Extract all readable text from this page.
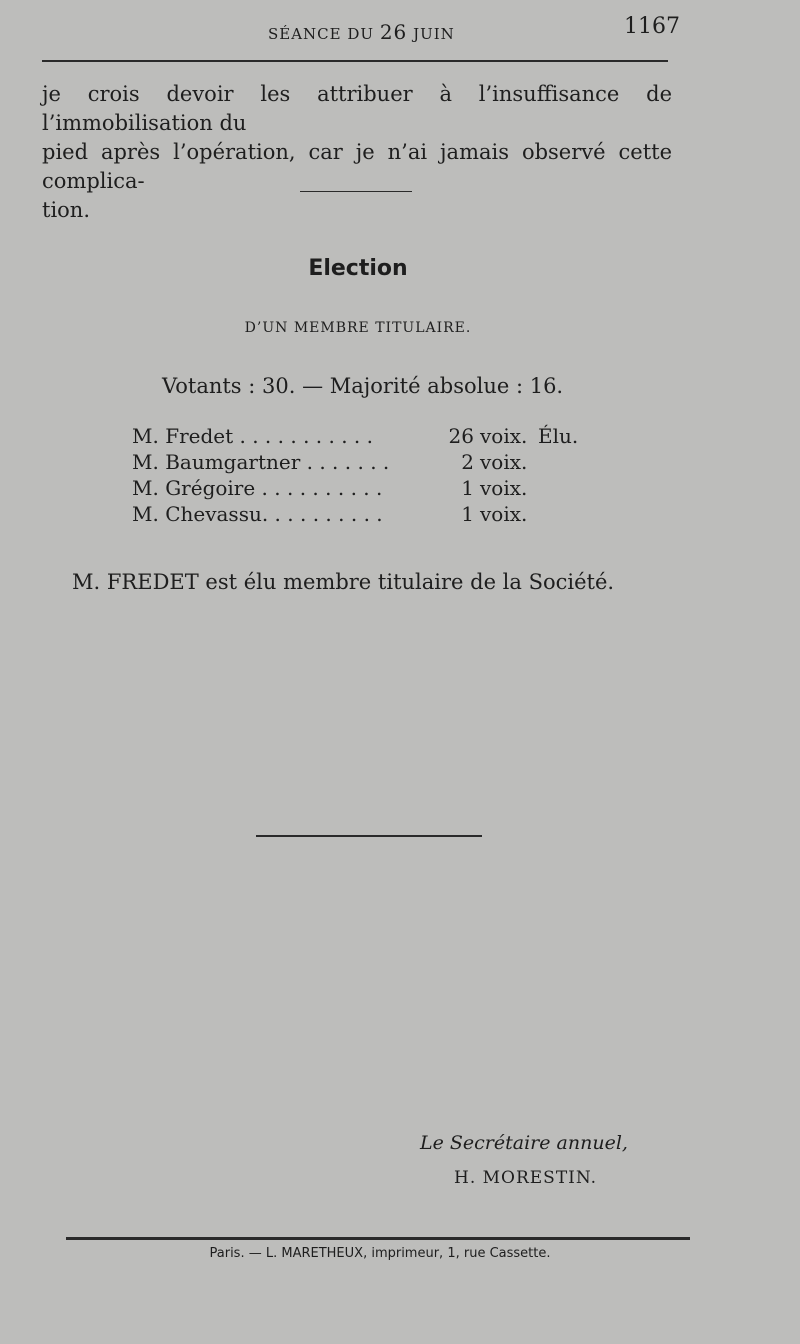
SÉANCE DU 26 JUIN	1167

je crois devoir les attribuer à l’insuffisance de l’immobilisation du

pied après l’opération, car je n’ai jamais observé cette complica-

tion.

Election
D’UN MEMBRE TITULAIRE.
Votants : 30. — Majorité absolue : 16.
M. Fredet . . . . . . . . . . .	26 voix. Élu.
M. Baumgartner . . . . . . .	2 voix.
M. Grégoire . . . . . . . . . .	1 voix.
M. Chevassu. . . . . . . . . .	1 voix.
M. FREDET est élu membre titulaire de la Société.
Le Secrétaire annuel,
H. MORESTIN.
Paris. — L. MARETHEUX, imprimeur, 1, rue Cassette.
